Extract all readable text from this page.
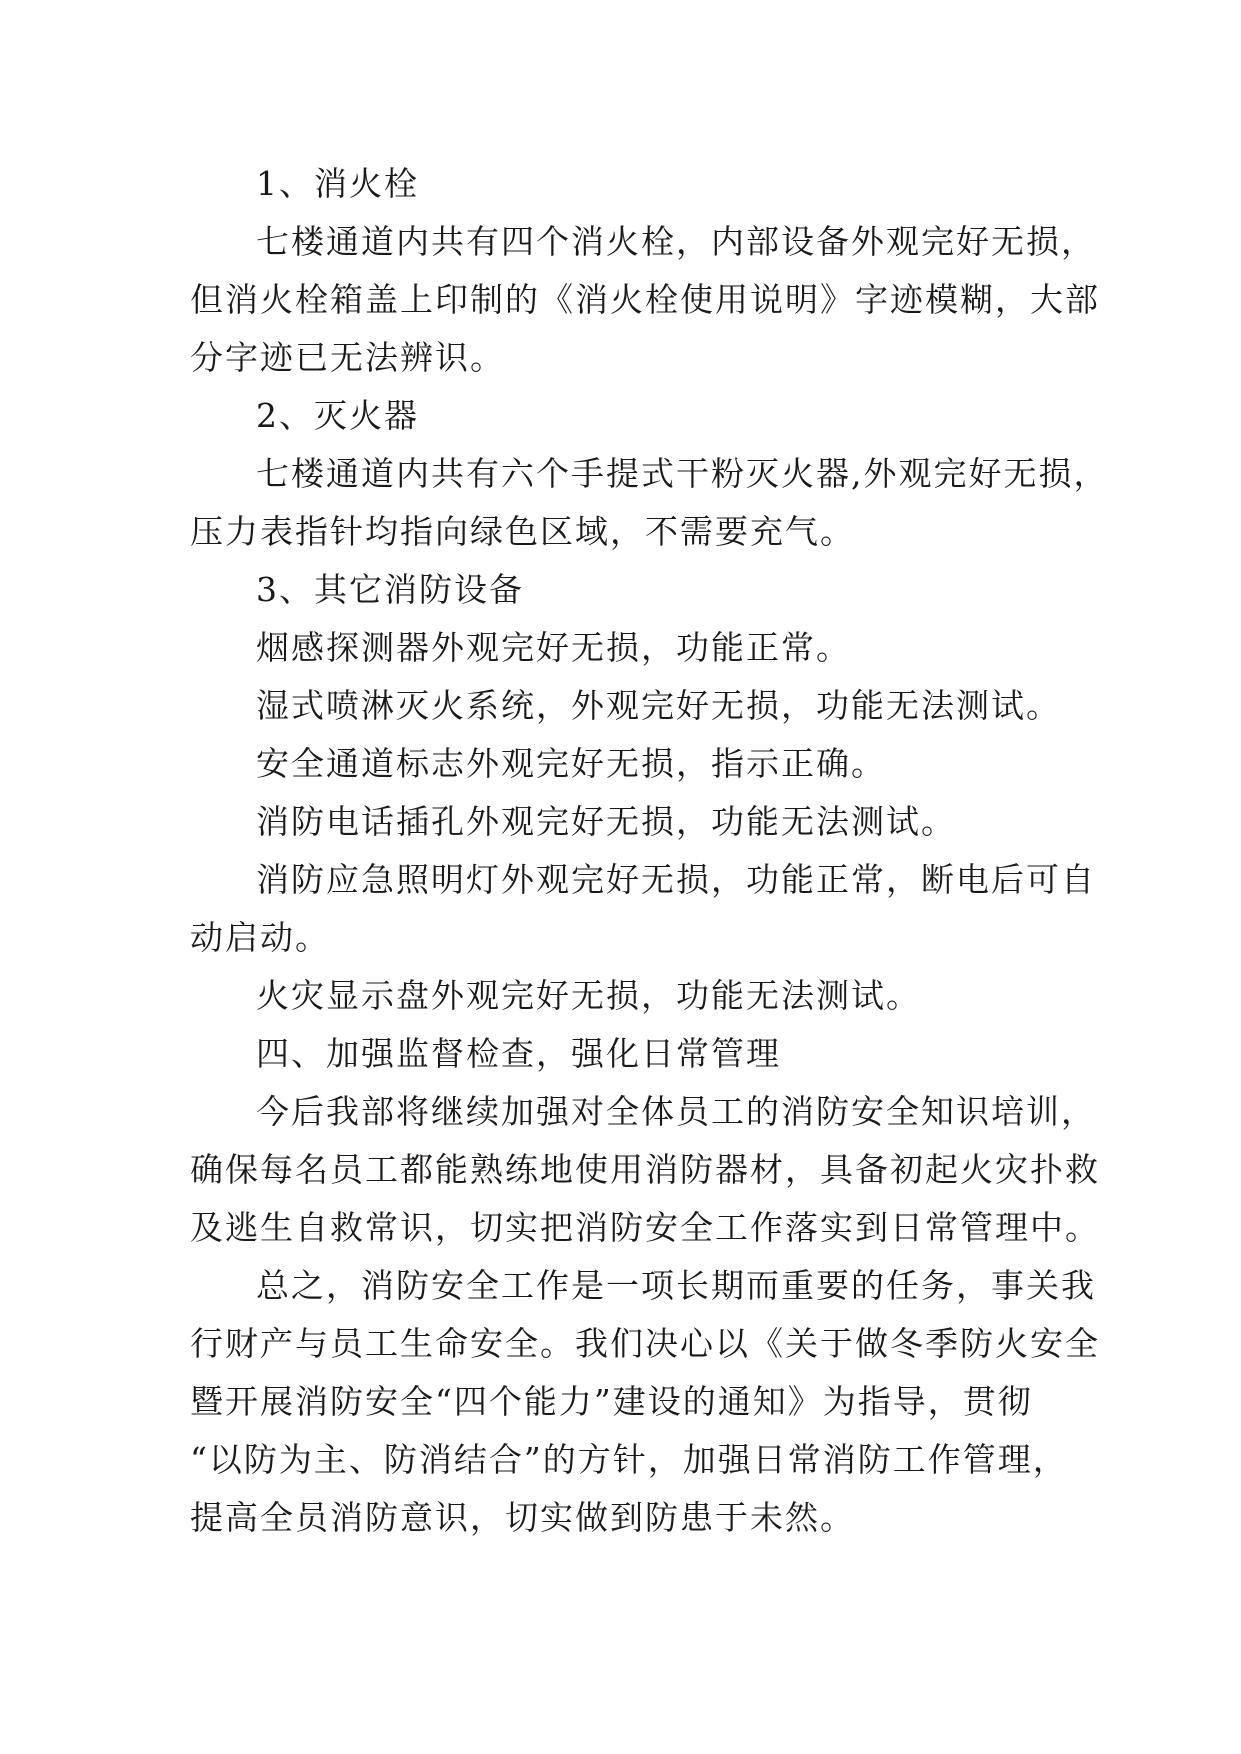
1、消火栓
七楼通道内共有四个消火栓，内部设备外观完好无损，
但消火栓箱盖上印制的《消火栓使用说明》字迹模糊，大部
分字迹已无法辨识。
2、灭火器
七楼通道内共有六个手提式干粉灭火器,外观完好无损，
压力表指针均指向绿色区域，不需要充气。
3、其它消防设备
烟感探测器外观完好无损，功能正常。
湿式喷淋灭火系统，外观完好无损，功能无法测试。
安全通道标志外观完好无损，指示正确。
消防电话插孔外观完好无损，功能无法测试。
消防应急照明灯外观完好无损，功能正常，断电后可自
动启动。
火灾显示盘外观完好无损，功能无法测试。
四、加强监督检查，强化日常管理
今后我部将继续加强对全体员工的消防安全知识培训，
确保每名员工都能熟练地使用消防器材，具备初起火灾扑救
及逃生自救常识，切实把消防安全工作落实到日常管理中。
总之，消防安全工作是一项长期而重要的任务，事关我
行财产与员工生命安全。我们决心以《关于做冬季防火安全
暨开展消防安全“四个能力”建设的通知》为指导，贯彻
“以防为主、防消结合”的方针，加强日常消防工作管理，
提高全员消防意识，切实做到防患于未然。
